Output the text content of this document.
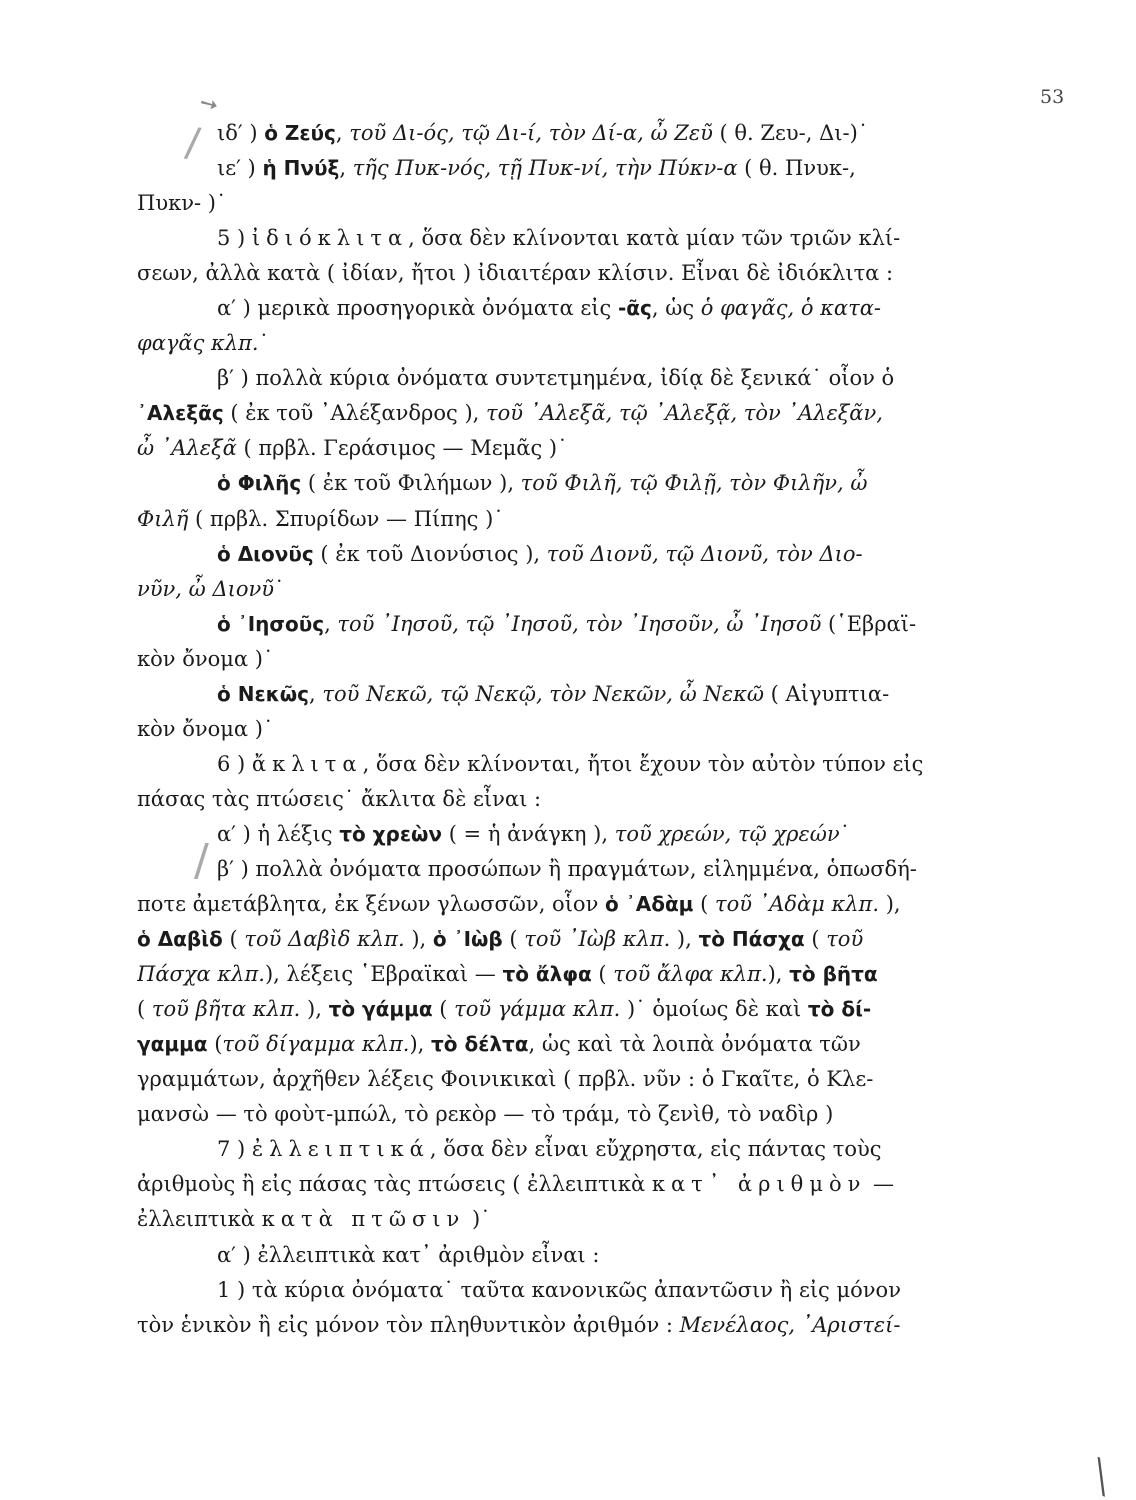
53
➘
/
/
╲
ιδ′ ) ὁ Ζεύς, τοῦ Δι-ός, τῷ Δι-ί, τὸν Δί-α, ὦ Ζεῦ ( θ. Ζευ-, Δι-)˙
ιε′ ) ἡ Πνύξ, τῆς Πυκ-νός, τῇ Πυκ-νί, τὴν Πύκν-α ( θ. Πνυκ-,
Πυκν- )˙
5 ) ἰδιόκλιτα, ὅσα δὲν κλίνονται κατὰ μίαν τῶν τριῶν κλί-
σεων, ἀλλὰ κατὰ ( ἰδίαν, ἤτοι ) ἰδιαιτέραν κλίσιν. Εἶναι δὲ ἰδιόκλιτα :
α′ ) μερικὰ προσηγορικὰ ὀνόματα εἰς -ᾶς, ὡς ὁ φαγᾶς, ὁ κατα-
φαγᾶς κλπ.˙
β′ ) πολλὰ κύρια ὀνόματα συντετμημένα, ἰδίᾳ δὲ ξενικά˙ οἷον ὁ
᾿Αλεξᾶς ( ἐκ τοῦ ᾿Αλέξανδρος ), τοῦ ᾿Αλεξᾶ, τῷ ᾿Αλεξᾷ, τὸν ᾿Αλεξᾶν,
ὦ ᾿Αλεξᾶ ( πρβλ. Γεράσιμος — Μεμᾶς )˙
ὁ Φιλῆς ( ἐκ τοῦ Φιλήμων ), τοῦ Φιλῆ, τῷ Φιλῇ, τὸν Φιλῆν, ὦ
Φιλῆ ( πρβλ. Σπυρίδων — Πίπης )˙
ὁ Διονῦς ( ἐκ τοῦ Διονύσιος ), τοῦ Διονῦ, τῷ Διονῦ, τὸν Διο-
νῦν, ὦ Διονῦ˙
ὁ ᾿Ιησοῦς, τοῦ ᾿Ιησοῦ, τῷ ᾿Ιησοῦ, τὸν ᾿Ιησοῦν, ὦ ᾿Ιησοῦ (῾Εβραϊ-
κὸν ὄνομα )˙
ὁ Νεκῶς, τοῦ Νεκῶ, τῷ Νεκῷ, τὸν Νεκῶν, ὦ Νεκῶ ( Αἰγυπτια-
κὸν ὄνομα )˙
6 ) ἄκλιτα, ὅσα δὲν κλίνονται, ἤτοι ἔχουν τὸν αὐτὸν τύπον εἰς
πάσας τὰς πτώσεις˙ ἄκλιτα δὲ εἶναι :
α′ ) ἡ λέξις τὸ χρεὼν ( = ἡ ἀνάγκη ), τοῦ χρεών, τῷ χρεών˙
β′ ) πολλὰ ὀνόματα προσώπων ἢ πραγμάτων, εἰλημμένα, ὁπωσδή-
ποτε ἀμετάβλητα, ἐκ ξένων γλωσσῶν, οἷον ὁ ᾿Αδὰμ ( τοῦ ᾿Αδὰμ κλπ. ),
ὁ Δαβὶδ ( τοῦ Δαβὶδ κλπ. ), ὁ ᾿Ιὼβ ( τοῦ ᾿Ιὼβ κλπ. ), τὸ Πάσχα ( τοῦ
Πάσχα κλπ.), λέξεις ῾Εβραϊκαὶ — τὸ ἄλφα ( τοῦ ἄλφα κλπ.), τὸ βῆτα
( τοῦ βῆτα κλπ. ), τὸ γάμμα ( τοῦ γάμμα κλπ. )˙ ὁμοίως δὲ καὶ τὸ δί-
γαμμα (τοῦ δίγαμμα κλπ.), τὸ δέλτα, ὡς καὶ τὰ λοιπὰ ὀνόματα τῶν
γραμμάτων, ἀρχῆθεν λέξεις Φοινικικαὶ ( πρβλ. νῦν : ὁ Γκαῖτε, ὁ Κλε-
μανσὼ — τὸ φοὺτ-μπώλ, τὸ ρεκὸρ — τὸ τράμ, τὸ ζενὶθ, τὸ ναδὶρ )
7 ) ἐλλειπτικά, ὅσα δὲν εἶναι εὔχρηστα, εἰς πάντας τοὺς
ἀριθμοὺς ἢ εἰς πάσας τὰς πτώσεις ( ἐλλειπτικὰ κατ᾿ ἀριθμὸν —
ἐλλειπτικὰ κατὰ πτῶσιν )˙
α′ ) ἐλλειπτικὰ κατ᾿ ἀριθμὸν εἶναι :
1 ) τὰ κύρια ὀνόματα˙ ταῦτα κανονικῶς ἀπαντῶσιν ἢ εἰς μόνον
τὸν ἑνικὸν ἢ εἰς μόνον τὸν πληθυντικὸν ἀριθμόν : Μενέλαος, ᾿Αριστεί-
